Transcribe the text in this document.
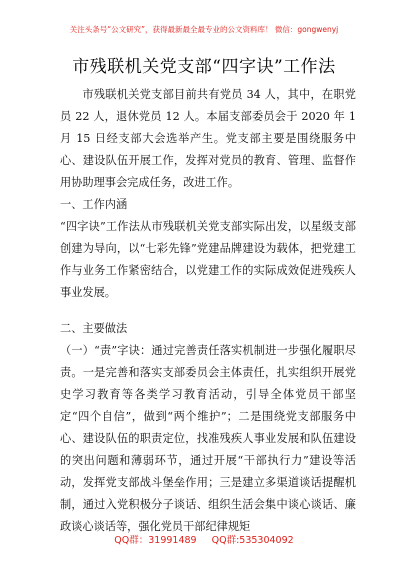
关注头条号“公文研究”，获得最新最全最专业的公文资料库！ 微信：gongwenyj
市残联机关党支部“四字诀”工作法

市残联机关党支部目前共有党员 34 人，其中，在职党员 22 人，退休党员 12 人。本届支部委员会于 2020 年 1 月 15 日经支部大会选举产生。党支部主要是围绕服务中心、建设队伍开展工作，发挥对党员的教育、管理、监督作用协助理事会完成任务，改进工作。

一、工作内涵

“四字诀”工作法从市残联机关党支部实际出发，以星级支部创建为导向，以“七彩先锋”党建品牌建设为载体，把党建工作与业务工作紧密结合，以党建工作的实际成效促进残疾人事业发展。

二、主要做法

（一）“责”字诀：通过完善责任落实机制进一步强化履职尽责。一是完善和落实支部委员会主体责任，扎实组织开展党史学习教育等各类学习教育活动，引导全体党员干部坚定“四个自信”，做到“两个维护”；二是围绕党支部服务中心、建设队伍的职责定位，找准残疾人事业发展和队伍建设的突出问题和薄弱环节，通过开展“干部执行力”建设等活动，发挥党支部战斗堡垒作用；三是建立多渠道谈话提醒机制，通过入党积极分子谈话、组织生活会集中谈心谈话、廉政谈心谈话等，强化党员干部纪律规矩

QQ群：31991489 QQ群:535304092
